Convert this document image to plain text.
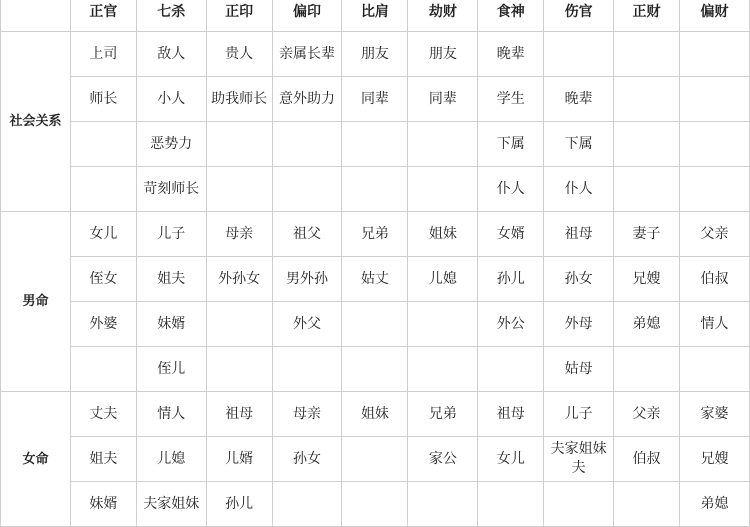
	正官	七杀	正印	偏印	比肩	劫财	食神	伤官	正财	偏财
社会关系	上司	敌人	贵人	亲属长辈	朋友	朋友	晚辈			
	师长	小人	助我师长	意外助力	同辈	同辈	学生	晚辈		
		恶势力					下属	下属		
		苛刻师长					仆人	仆人		
男命	女儿	儿子	母亲	祖父	兄弟	姐妹	女婿	祖母	妻子	父亲
	侄女	姐夫	外孙女	男外孙	姑丈	儿媳	孙儿	孙女	兄嫂	伯叔
	外婆	妹婿		外父			外公	外母	弟媳	情人
		侄儿						姑母		
女命	丈夫	情人	祖母	母亲	姐妹	兄弟	祖母	儿子	父亲	家婆
	姐夫	儿媳	儿婿	孙女		家公	女儿	夫家姐妹夫	伯叔	兄嫂
	妹婿	夫家姐妹	孙儿							弟媳
